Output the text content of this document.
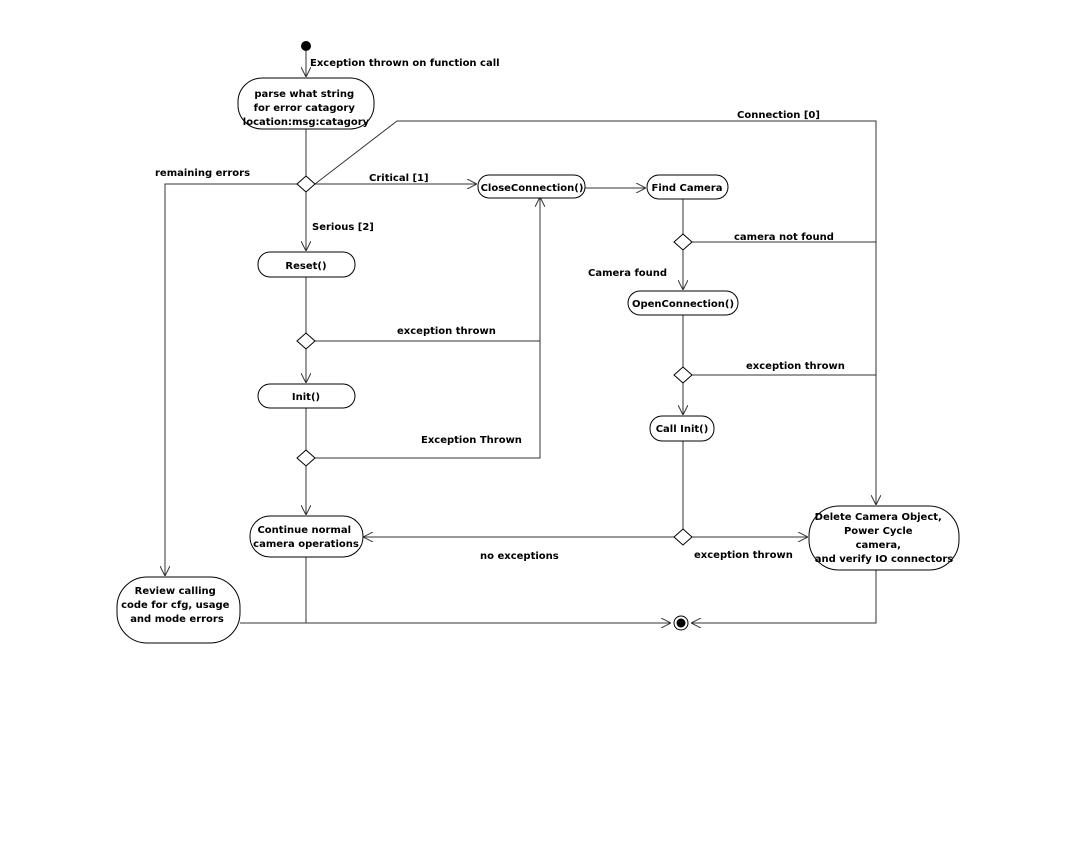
parse what string for error catagory location:msg:catagory
CloseConnection()	Find Camera
Reset()
OpenConnection()
Init()
Call Init()
Continue normal camera operations
Delete Camera Object, Power Cycle camera, and verify IO connectors
Review calling code for cfg, usage and mode errors
Exception thrown on function call
Connection [0]
remaining errors	Critical [1]
Serious [2]
camera not found
Camera found
exception thrown
exception thrown
Exception Thrown
no exceptions	exception thrown
